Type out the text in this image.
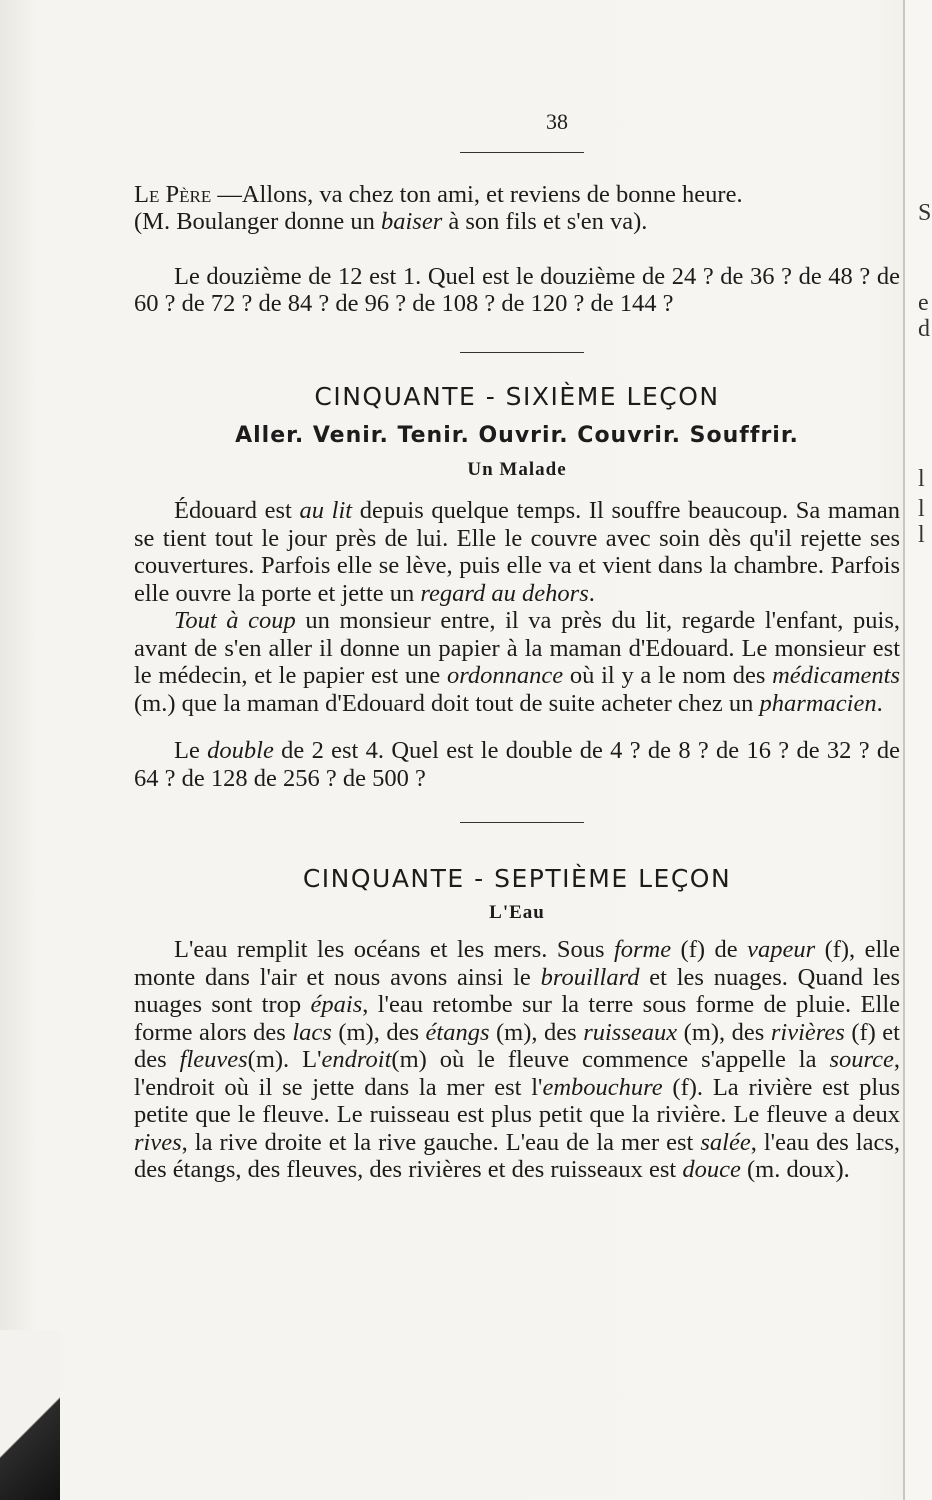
S
e
d
l
l
l
38

Le Père —Allons, va chez ton ami, et reviens de bonne heure.
(M. Boulanger donne un baiser à son fils et s'en va).

Le douzième de 12 est 1. Quel est le douzième de 24 ? de 36 ? de 48 ? de 60 ? de 72 ? de 84 ? de 96 ? de 108 ? de 120 ? de 144 ?

CINQUANTE - SIXIÈME LEÇON

Aller. Venir. Tenir. Ouvrir. Couvrir. Souffrir.

Un Malade

Édouard est au lit depuis quelque temps. Il souffre beaucoup. Sa maman se tient tout le jour près de lui. Elle le couvre avec soin dès qu'il rejette ses couvertures. Parfois elle se lève, puis elle va et vient dans la chambre. Parfois elle ouvre la porte et jette un regard au dehors.

Tout à coup un monsieur entre, il va près du lit, regarde l'enfant, puis, avant de s'en aller il donne un papier à la maman d'Edouard. Le monsieur est le médecin, et le papier est une ordonnance où il y a le nom des médicaments (m.) que la maman d'Edouard doit tout de suite acheter chez un pharmacien.

Le double de 2 est 4. Quel est le double de 4 ? de 8 ? de 16 ? de 32 ? de 64 ? de 128 de 256 ? de 500 ?

CINQUANTE - SEPTIÈME LEÇON

L'Eau

L'eau remplit les océans et les mers. Sous forme (f) de vapeur (f), elle monte dans l'air et nous avons ainsi le brouillard et les nuages. Quand les nuages sont trop épais, l'eau retombe sur la terre sous forme de pluie. Elle forme alors des lacs (m), des étangs (m), des ruisseaux (m), des rivières (f) et des fleuves(m). L'endroit(m) où le fleuve commence s'appelle la source, l'endroit où il se jette dans la mer est l'embouchure (f). La rivière est plus petite que le fleuve. Le ruisseau est plus petit que la rivière. Le fleuve a deux rives, la rive droite et la rive gauche. L'eau de la mer est salée, l'eau des lacs, des étangs, des fleuves, des rivières et des ruisseaux est douce (m. doux).
